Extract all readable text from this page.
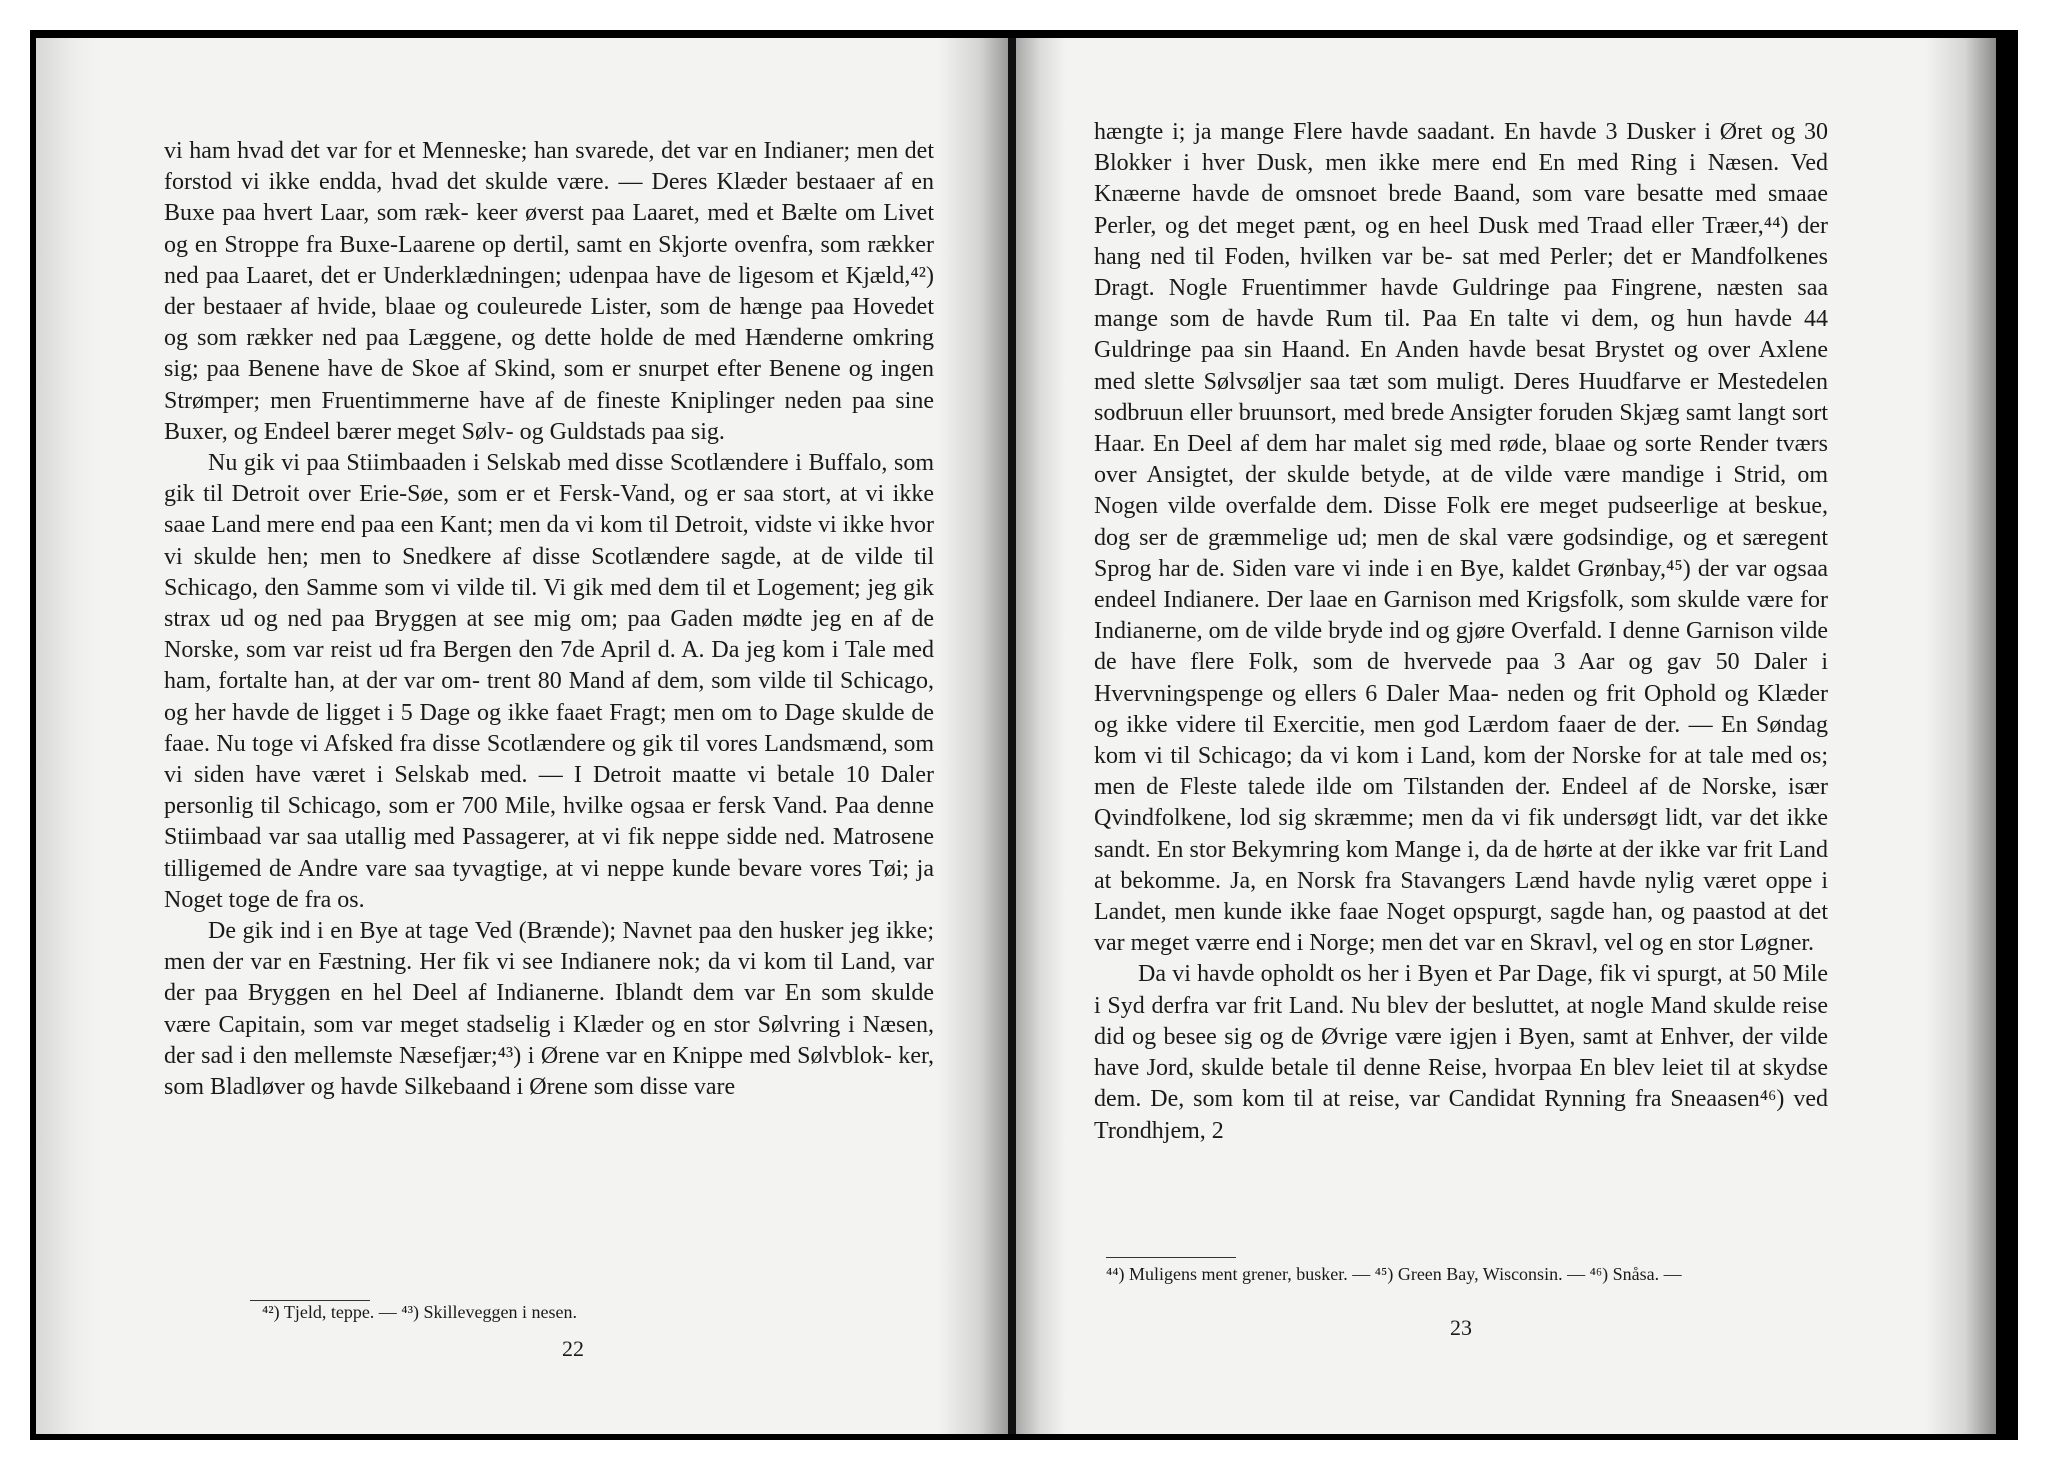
vi ham hvad det var for et Menneske; han svarede, det var en Indianer; men det forstod vi ikke endda, hvad det skulde være. — Deres Klæder bestaaer af en Buxe paa hvert Laar, som ræk- keer øverst paa Laaret, med et Bælte om Livet og en Stroppe fra Buxe-Laarene op dertil, samt en Skjorte ovenfra, som rækker ned paa Laaret, det er Underklædningen; udenpaa have de ligesom et Kjæld,⁴²) der bestaaer af hvide, blaae og couleurede Lister, som de hænge paa Hovedet og som rækker ned paa Læggene, og dette holde de med Hænderne omkring sig; paa Benene have de Skoe af Skind, som er snurpet efter Benene og ingen Strømper; men Fruentimmerne have af de fineste Kniplinger neden paa sine Buxer, og Endeel bærer meget Sølv- og Guldstads paa sig.

Nu gik vi paa Stiimbaaden i Selskab med disse Scotlændere i Buffalo, som gik til Detroit over Erie-Søe, som er et Fersk-Vand, og er saa stort, at vi ikke saae Land mere end paa een Kant; men da vi kom til Detroit, vidste vi ikke hvor vi skulde hen; men to Snedkere af disse Scotlændere sagde, at de vilde til Schicago, den Samme som vi vilde til. Vi gik med dem til et Logement; jeg gik strax ud og ned paa Bryggen at see mig om; paa Gaden mødte jeg en af de Norske, som var reist ud fra Bergen den 7de April d. A. Da jeg kom i Tale med ham, fortalte han, at der var om- trent 80 Mand af dem, som vilde til Schicago, og her havde de ligget i 5 Dage og ikke faaet Fragt; men om to Dage skulde de faae. Nu toge vi Afsked fra disse Scotlændere og gik til vores Landsmænd, som vi siden have været i Selskab med. — I Detroit maatte vi betale 10 Daler personlig til Schicago, som er 700 Mile, hvilke ogsaa er fersk Vand. Paa denne Stiimbaad var saa utallig med Passagerer, at vi fik neppe sidde ned. Matrosene tilligemed de Andre vare saa tyvagtige, at vi neppe kunde bevare vores Tøi; ja Noget toge de fra os.

De gik ind i en Bye at tage Ved (Brænde); Navnet paa den husker jeg ikke; men der var en Fæstning. Her fik vi see Indianere nok; da vi kom til Land, var der paa Bryggen en hel Deel af Indianerne. Iblandt dem var En som skulde være Capitain, som var meget stadselig i Klæder og en stor Sølvring i Næsen, der sad i den mellemste Næsefjær;⁴³) i Ørene var en Knippe med Sølvblok- ker, som Bladløver og havde Silkebaand i Ørene som disse vare

⁴²) Tjeld, teppe. — ⁴³) Skilleveggen i nesen.
22

hængte i; ja mange Flere havde saadant. En havde 3 Dusker i Øret og 30 Blokker i hver Dusk, men ikke mere end En med Ring i Næsen. Ved Knæerne havde de omsnoet brede Baand, som vare besatte med smaae Perler, og det meget pænt, og en heel Dusk med Traad eller Træer,⁴⁴) der hang ned til Foden, hvilken var be- sat med Perler; det er Mandfolkenes Dragt. Nogle Fruentimmer havde Guldringe paa Fingrene, næsten saa mange som de havde Rum til. Paa En talte vi dem, og hun havde 44 Guldringe paa sin Haand. En Anden havde besat Brystet og over Axlene med slette Sølvsøljer saa tæt som muligt. Deres Huudfarve er Mestedelen sodbruun eller bruunsort, med brede Ansigter foruden Skjæg samt langt sort Haar. En Deel af dem har malet sig med røde, blaae og sorte Render tværs over Ansigtet, der skulde betyde, at de vilde være mandige i Strid, om Nogen vilde overfalde dem. Disse Folk ere meget pudseerlige at beskue, dog ser de græmmelige ud; men de skal være godsindige, og et særegent Sprog har de. Siden vare vi inde i en Bye, kaldet Grønbay,⁴⁵) der var ogsaa endeel Indianere. Der laae en Garnison med Krigsfolk, som skulde være for Indianerne, om de vilde bryde ind og gjøre Overfald. I denne Garnison vilde de have flere Folk, som de hvervede paa 3 Aar og gav 50 Daler i Hvervningspenge og ellers 6 Daler Maa- neden og frit Ophold og Klæder og ikke videre til Exercitie, men god Lærdom faaer de der. — En Søndag kom vi til Schicago; da vi kom i Land, kom der Norske for at tale med os; men de Fleste talede ilde om Tilstanden der. Endeel af de Norske, især Qvindfolkene, lod sig skræmme; men da vi fik undersøgt lidt, var det ikke sandt. En stor Bekymring kom Mange i, da de hørte at der ikke var frit Land at bekomme. Ja, en Norsk fra Stavangers Lænd havde nylig været oppe i Landet, men kunde ikke faae Noget opspurgt, sagde han, og paastod at det var meget værre end i Norge; men det var en Skravl, vel og en stor Løgner.

Da vi havde opholdt os her i Byen et Par Dage, fik vi spurgt, at 50 Mile i Syd derfra var frit Land. Nu blev der besluttet, at nogle Mand skulde reise did og besee sig og de Øvrige være igjen i Byen, samt at Enhver, der vilde have Jord, skulde betale til denne Reise, hvorpaa En blev leiet til at skydse dem. De, som kom til at reise, var Candidat Rynning fra Sneaasen⁴⁶) ved Trondhjem, 2

⁴⁴) Muligens ment grener, busker. — ⁴⁵) Green Bay, Wisconsin. — ⁴⁶) Snåsa. —
23
